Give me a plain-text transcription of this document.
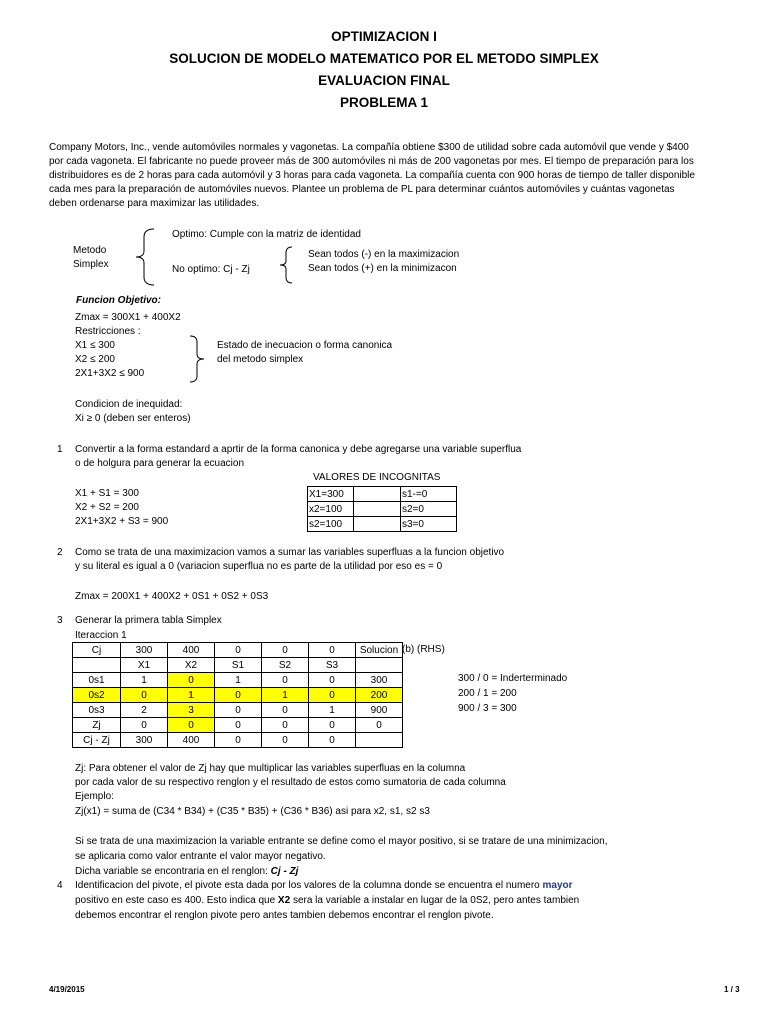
OPTIMIZACION I
SOLUCION DE MODELO MATEMATICO POR EL METODO SIMPLEX
EVALUACION FINAL
PROBLEMA 1
Company Motors, Inc., vende automóviles normales y vagonetas. La compañía obtiene $300 de utilidad sobre cada automóvil que vende y $400
por cada vagoneta. El fabricante no puede proveer más de 300 automóviles ni más de 200 vagonetas por mes. El tiempo de preparación para los
distribuidores es de 2 horas para cada automóvil y 3 horas para cada vagoneta. La compañía cuenta con 900 horas de tiempo de taller disponible
cada mes para la preparación de automóviles nuevos. Plantee un problema de PL para determinar cuántos automóviles y cuántas vagonetas
deben ordenarse para maximizar las utilidades.
Metodo
Simplex
Optimo: Cumple con la matriz de identidad
No optimo: Cj - Zj
Sean todos (-) en la maximizacion
Sean todos (+) en la minimizacon
Funcion Objetivo:
Zmax = 300X1 + 400X2
Restricciones :
X1 ≤ 300
X2 ≤ 200
2X1+3X2 ≤ 900
Estado de inecuacion o forma canonica
del metodo simplex
Condicion de inequidad:
Xi ≥ 0 (deben ser enteros)
1 Convertir a la forma estandard a aprtir de la forma canonica y debe agregarse una variable superflua
o de holgura para generar la ecuacion
VALORES DE INCOGNITAS
X1 + S1 = 300
X2 + S2 = 200
2X1+3X2 + S3 = 900
X1=300		s1-=0
x2=100		s2=0
s2=100		s3=0
2 Como se trata de una maximizacion vamos a sumar las variables superfluas a la funcion objetivo
y su literal es igual a 0 (variacion superflua no es parte de la utilidad por eso es = 0
Zmax = 200X1 + 400X2 + 0S1 + 0S2 + 0S3
3 Generar la primera tabla Simplex
Iteraccion 1
Cj	300	400	0	0	0	Solucion
	X1	X2	S1	S2	S3	
0s1	1	0	1	0	0	300
0s2	0	1	0	1	0	200
0s3	2	3	0	0	1	900
Zj	0	0	0	0	0	0
Cj - Zj	300	400	0	0	0	
(b) (RHS)
300 / 0 = Inderterminado
200 / 1 = 200
900 / 3 = 300
Zj: Para obtener el valor de Zj hay que multiplicar las variables superfluas en la columna
por cada valor de su respectivo renglon y el resultado de estos como sumatoria de cada columna
Ejemplo:
Zj(x1) = suma de (C34 * B34) + (C35 * B35) + (C36 * B36) asi para x2, s1, s2 s3
Si se trata de una maximizacion la variable entrante se define como el mayor positivo, si se tratare de una minimizacion,
se aplicaria como valor entrante el valor mayor negativo.
Dicha variable se encontraria en el renglon: Cj - Zj
4 Identificacion del pivote, el pivote esta dada por los valores de la columna donde se encuentra el numero mayor
positivo en este caso es 400. Esto indica que X2 sera la variable a instalar en lugar de la 0S2, pero antes tambien
debemos encontrar el renglon pivote pero antes tambien debemos encontrar el renglon pivote.
4/19/2015	1 / 3
